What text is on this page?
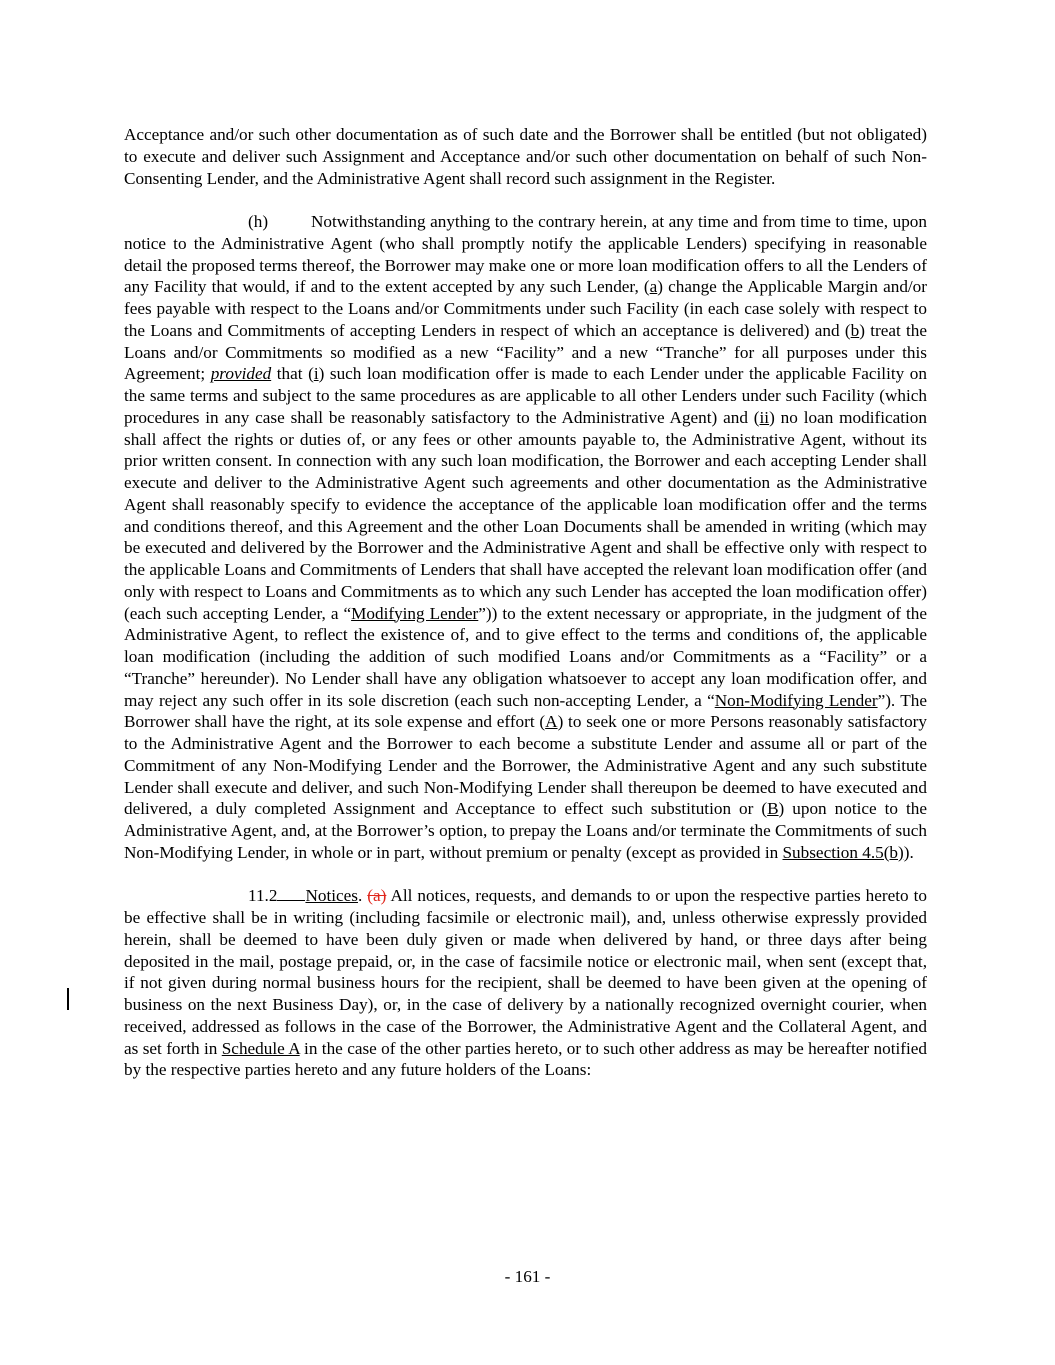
Acceptance and/or such other documentation as of such date and the Borrower shall be entitled (but not obligated) to execute and deliver such Assignment and Acceptance and/or such other documentation on behalf of such Non-Consenting Lender, and the Administrative Agent shall record such assignment in the Register.

(h) Notwithstanding anything to the contrary herein, at any time and from time to time, upon notice to the Administrative Agent (who shall promptly notify the applicable Lenders) specifying in reasonable detail the proposed terms thereof, the Borrower may make one or more loan modification offers to all the Lenders of any Facility that would, if and to the extent accepted by any such Lender, (a) change the Applicable Margin and/or fees payable with respect to the Loans and/or Commitments under such Facility (in each case solely with respect to the Loans and Commitments of accepting Lenders in respect of which an acceptance is delivered) and (b) treat the Loans and/or Commitments so modified as a new “Facility” and a new “Tranche” for all purposes under this Agreement; provided that (i) such loan modification offer is made to each Lender under the applicable Facility on the same terms and subject to the same procedures as are applicable to all other Lenders under such Facility (which procedures in any case shall be reasonably satisfactory to the Administrative Agent) and (ii) no loan modification shall affect the rights or duties of, or any fees or other amounts payable to, the Administrative Agent, without its prior written consent. In connection with any such loan modification, the Borrower and each accepting Lender shall execute and deliver to the Administrative Agent such agreements and other documentation as the Administrative Agent shall reasonably specify to evidence the acceptance of the applicable loan modification offer and the terms and conditions thereof, and this Agreement and the other Loan Documents shall be amended in writing (which may be executed and delivered by the Borrower and the Administrative Agent and shall be effective only with respect to the applicable Loans and Commitments of Lenders that shall have accepted the relevant loan modification offer (and only with respect to Loans and Commitments as to which any such Lender has accepted the loan modification offer) (each such accepting Lender, a “Modifying Lender”)) to the extent necessary or appropriate, in the judgment of the Administrative Agent, to reflect the existence of, and to give effect to the terms and conditions of, the applicable loan modification (including the addition of such modified Loans and/or Commitments as a “Facility” or a “Tranche” hereunder). No Lender shall have any obligation whatsoever to accept any loan modification offer, and may reject any such offer in its sole discretion (each such non-accepting Lender, a “Non-Modifying Lender”). The Borrower shall have the right, at its sole expense and effort (A) to seek one or more Persons reasonably satisfactory to the Administrative Agent and the Borrower to each become a substitute Lender and assume all or part of the Commitment of any Non-Modifying Lender and the Borrower, the Administrative Agent and any such substitute Lender shall execute and deliver, and such Non-Modifying Lender shall thereupon be deemed to have executed and delivered, a duly completed Assignment and Acceptance to effect such substitution or (B) upon notice to the Administrative Agent, and, at the Borrower’s option, to prepay the Loans and/or terminate the Commitments of such Non-Modifying Lender, in whole or in part, without premium or penalty (except as provided in Subsection 4.5(b)).

11.2 Notices. (a) All notices, requests, and demands to or upon the respective parties hereto to be effective shall be in writing (including facsimile or electronic mail), and, unless otherwise expressly provided herein, shall be deemed to have been duly given or made when delivered by hand, or three days after being deposited in the mail, postage prepaid, or, in the case of facsimile notice or electronic mail, when sent (except that, if not given during normal business hours for the recipient, shall be deemed to have been given at the opening of business on the next Business Day), or, in the case of delivery by a nationally recognized overnight courier, when received, addressed as follows in the case of the Borrower, the Administrative Agent and the Collateral Agent, and as set forth in Schedule A in the case of the other parties hereto, or to such other address as may be hereafter notified by the respective parties hereto and any future holders of the Loans:

- 161 -
